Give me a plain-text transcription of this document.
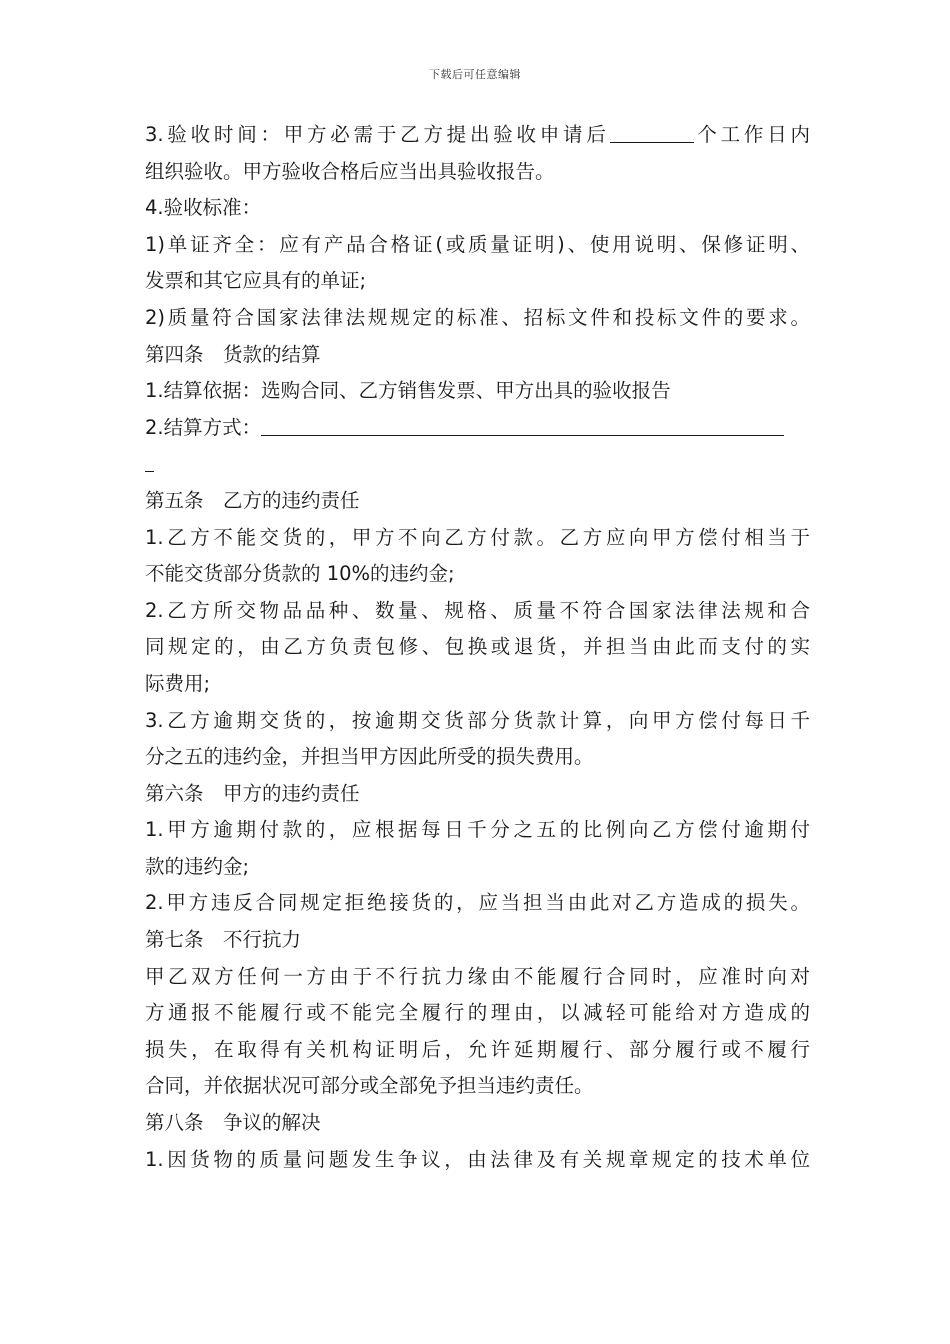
下载后可任意编辑
3.验收时间：甲方必需于乙方提出验收申请后	个工作日内
组织验收。甲方验收合格后应当出具验收报告。
4.验收标准：
1)单证齐全：应有产品合格证(或质量证明)、使用说明、保修证明、
发票和其它应具有的单证;
2)质量符合国家法律法规规定的标准、招标文件和投标文件的要求。
第四条　货款的结算
1.结算依据：选购合同、乙方销售发票、甲方出具的验收报告
2.结算方式：
第五条　乙方的违约责任
1.乙方不能交货的，甲方不向乙方付款。乙方应向甲方偿付相当于
不能交货部分货款的 10%的违约金;
2.乙方所交物品品种、数量、规格、质量不符合国家法律法规和合
同规定的，由乙方负责包修、包换或退货，并担当由此而支付的实
际费用;
3.乙方逾期交货的，按逾期交货部分货款计算，向甲方偿付每日千
分之五的违约金，并担当甲方因此所受的损失费用。
第六条　甲方的违约责任
1.甲方逾期付款的，应根据每日千分之五的比例向乙方偿付逾期付
款的违约金;
2.甲方违反合同规定拒绝接货的，应当担当由此对乙方造成的损失。
第七条　不行抗力
甲乙双方任何一方由于不行抗力缘由不能履行合同时，应准时向对
方通报不能履行或不能完全履行的理由，以减轻可能给对方造成的
损失，在取得有关机构证明后，允许延期履行、部分履行或不履行
合同，并依据状况可部分或全部免予担当违约责任。
第八条　争议的解决
1.因货物的质量问题发生争议，由法律及有关规章规定的技术单位
